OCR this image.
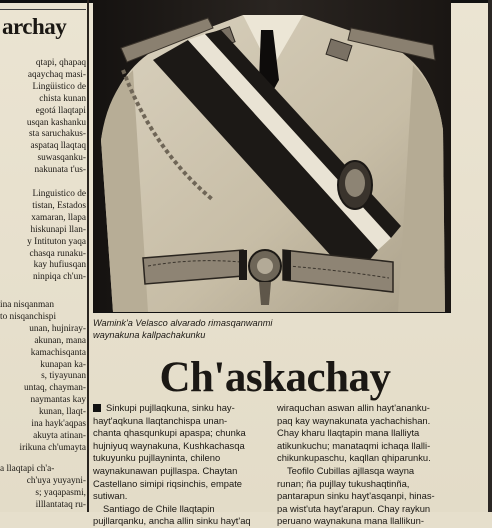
archay
qtapi, qhapaq
aqaychaq masi-
Lingüistico de
chista kunan
egotá llaqtapi
usqan kashanku
sta saruchakus-
aspataq llaqtaq
suwasqanku-
nakunata t'us-
Linguistico de
tistan, Estados
xamaran, llapa
hiskunapi llan-
y Intituton yaqa
chasqa runaku-
kay hufiusqan
ninpiqa ch'un-
ina nisqanman
to nisqanchispi
unan, hujniray-
akunan, mana
kamachisqanta
kunapan ka-
s, tiyayunan
untaq, chayman-
naymantas kay
kunan, llaqt-
ina hayk'aqpas
akuyta atinan-
irikuna ch'umayta
a llaqtapi ch'a-
ch'uya yuyayni-
s; yaqapasmi,
illlantataq ru-
Wamink'a Velasco alvarado rimasqanwanmi
waynakuna kallpachakunku
Ch'askachay
Sinkupi pujllaqkuna, sinku hay-
hayt'aqkuna llaqtanchispa unan-
chanta qhasqunkupi apaspa; chunka
hujniyuq waynakuna, Kushkachasqa
tukuyunku pujllayninta, chileno
waynakunawan pujllaspa. Chaytan
Castellano simipi riqsinchis, empate
sutiwan.
Santiago de Chile llaqtapin
pujllarqanku, ancha allin sinku hayt'aq
wiraquchan aswan allin hayt'ananku-
paq kay waynakunata yachachishan.
Chay kharu llaqtapin mana llalliyta
atikunkuchu; manataqmi ichaqa llalli-
chikunkupaschu, kaqllan qhiparunku.
Teofilo Cubillas ajllasqa wayna
runan; ña pujllay tukushaqtinña,
pantarapun sinku hayt'asqanpi, hinas-
pa wist'uta hayt'arapun. Chay raykun
peruano waynakuna mana llallikun-
